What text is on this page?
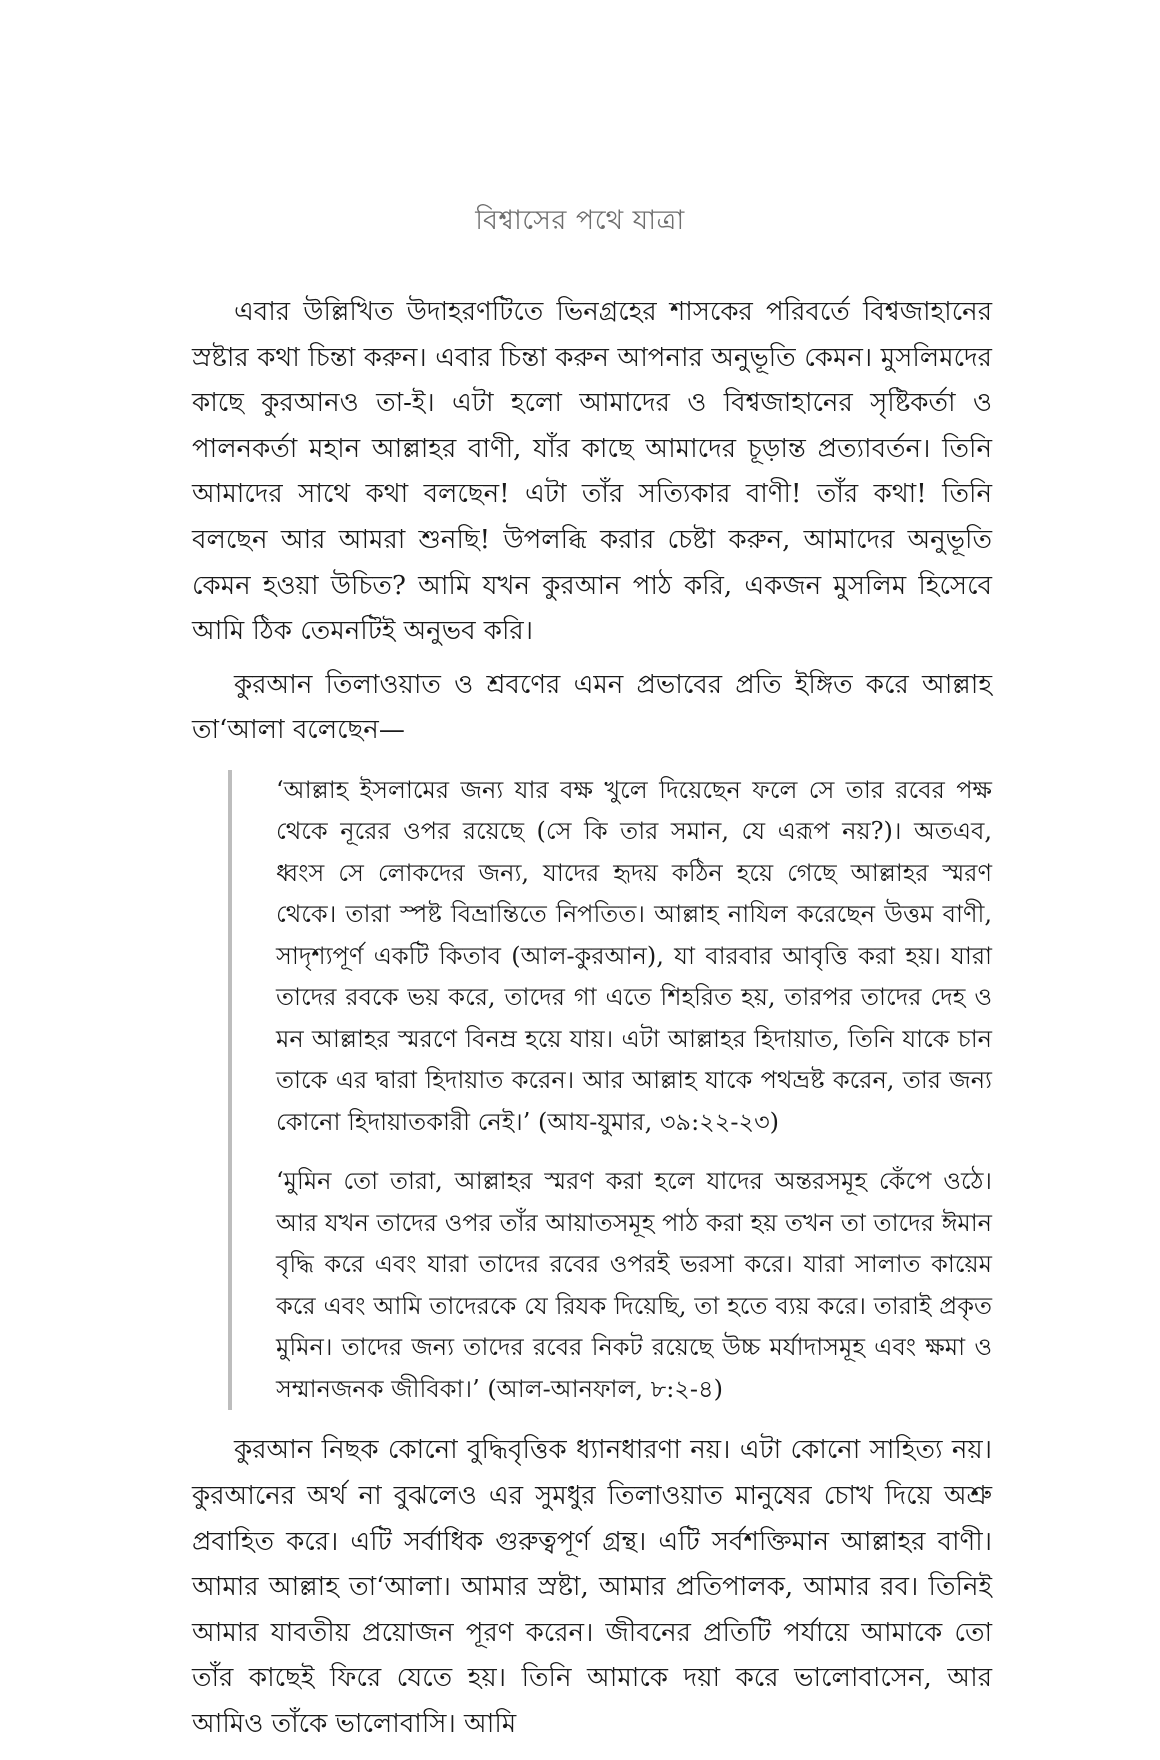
বিশ্বাসের পথে যাত্রা

এবার উল্লিখিত উদাহরণটিতে ভিনগ্রহের শাসকের পরিবর্তে বিশ্বজাহানের স্রষ্টার কথা চিন্তা করুন। এবার চিন্তা করুন আপনার অনুভূতি কেমন। মুসলিমদের কাছে কুরআনও তা-ই। এটা হলো আমাদের ও বিশ্বজাহানের সৃষ্টিকর্তা ও পালনকর্তা মহান আল্লাহর বাণী, যাঁর কাছে আমাদের চূড়ান্ত প্রত্যাবর্তন। তিনি আমাদের সাথে কথা বলছেন! এটা তাঁর সত্যিকার বাণী! তাঁর কথা! তিনি বলছেন আর আমরা শুনছি! উপলব্ধি করার চেষ্টা করুন, আমাদের অনুভূতি কেমন হওয়া উচিত? আমি যখন কুরআন পাঠ করি, একজন মুসলিম হিসেবে আমি ঠিক তেমনটিই অনুভব করি।

কুরআন তিলাওয়াত ও শ্রবণের এমন প্রভাবের প্রতি ইঙ্গিত করে আল্লাহ তা‘আলা বলেছেন—

‘আল্লাহ ইসলামের জন্য যার বক্ষ খুলে দিয়েছেন ফলে সে তার রবের পক্ষ থেকে নূরের ওপর রয়েছে (সে কি তার সমান, যে এরূপ নয়?)। অতএব, ধ্বংস সে লোকদের জন্য, যাদের হৃদয় কঠিন হয়ে গেছে আল্লাহর স্মরণ থেকে। তারা স্পষ্ট বিভ্রান্তিতে নিপতিত। আল্লাহ নাযিল করেছেন উত্তম বাণী, সাদৃশ্যপূর্ণ একটি কিতাব (আল-কুরআন), যা বারবার আবৃত্তি করা হয়। যারা তাদের রবকে ভয় করে, তাদের গা এতে শিহরিত হয়, তারপর তাদের দেহ ও মন আল্লাহর স্মরণে বিনম্র হয়ে যায়। এটা আল্লাহর হিদায়াত, তিনি যাকে চান তাকে এর দ্বারা হিদায়াত করেন। আর আল্লাহ যাকে পথভ্রষ্ট করেন, তার জন্য কোনো হিদায়াতকারী নেই।’ (আয-যুমার, ৩৯:২২-২৩)

‘মুমিন তো তারা, আল্লাহর স্মরণ করা হলে যাদের অন্তরসমূহ কেঁপে ওঠে। আর যখন তাদের ওপর তাঁর আয়াতসমূহ পাঠ করা হয় তখন তা তাদের ঈমান বৃদ্ধি করে এবং যারা তাদের রবের ওপরই ভরসা করে। যারা সালাত কায়েম করে এবং আমি তাদেরকে যে রিযক দিয়েছি, তা হতে ব্যয় করে। তারাই প্রকৃত মুমিন। তাদের জন্য তাদের রবের নিকট রয়েছে উচ্চ মর্যাদাসমূহ এবং ক্ষমা ও সম্মানজনক জীবিকা।’ (আল-আনফাল, ৮:২-৪)

কুরআন নিছক কোনো বুদ্ধিবৃত্তিক ধ্যানধারণা নয়। এটা কোনো সাহিত্য নয়। কুরআনের অর্থ না বুঝলেও এর সুমধুর তিলাওয়াত মানুষের চোখ দিয়ে অশ্রু প্রবাহিত করে। এটি সর্বাধিক গুরুত্বপূর্ণ গ্রন্থ। এটি সর্বশক্তিমান আল্লাহর বাণী। আমার আল্লাহ তা‘আলা। আমার স্রষ্টা, আমার প্রতিপালক, আমার রব। তিনিই আমার যাবতীয় প্রয়োজন পূরণ করেন। জীবনের প্রতিটি পর্যায়ে আমাকে তো তাঁর কাছেই ফিরে যেতে হয়। তিনি আমাকে দয়া করে ভালোবাসেন, আর আমিও তাঁকে ভালোবাসি। আমি
